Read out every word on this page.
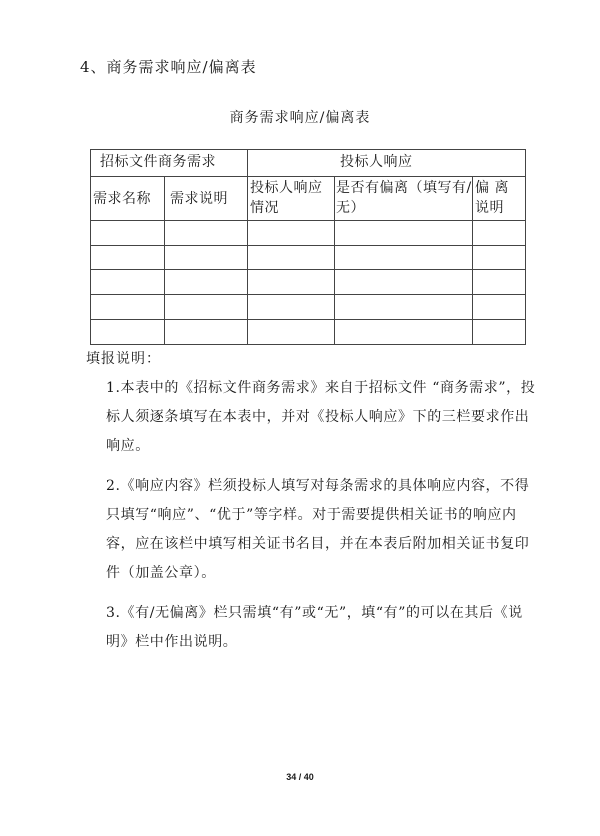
4、商务需求响应/偏离表
商务需求响应/偏离表
招标文件商务需求	投标人响应
需求名称	需求说明
投标人响应情况
是否有偏离（填写有/无）
偏 离说明
填报说明：

1.本表中的《招标文件商务需求》来自于招标文件 “商务需求”，投标人须逐条填写在本表中，并对《投标人响应》下的三栏要求作出响应。

2.《响应内容》栏须投标人填写对每条需求的具体响应内容，不得只填写“响应”、“优于”等字样。对于需要提供相关证书的响应内容，应在该栏中填写相关证书名目，并在本表后附加相关证书复印件（加盖公章）。

3.《有/无偏离》栏只需填“有”或“无”，填“有”的可以在其后《说明》栏中作出说明。

34 / 40
